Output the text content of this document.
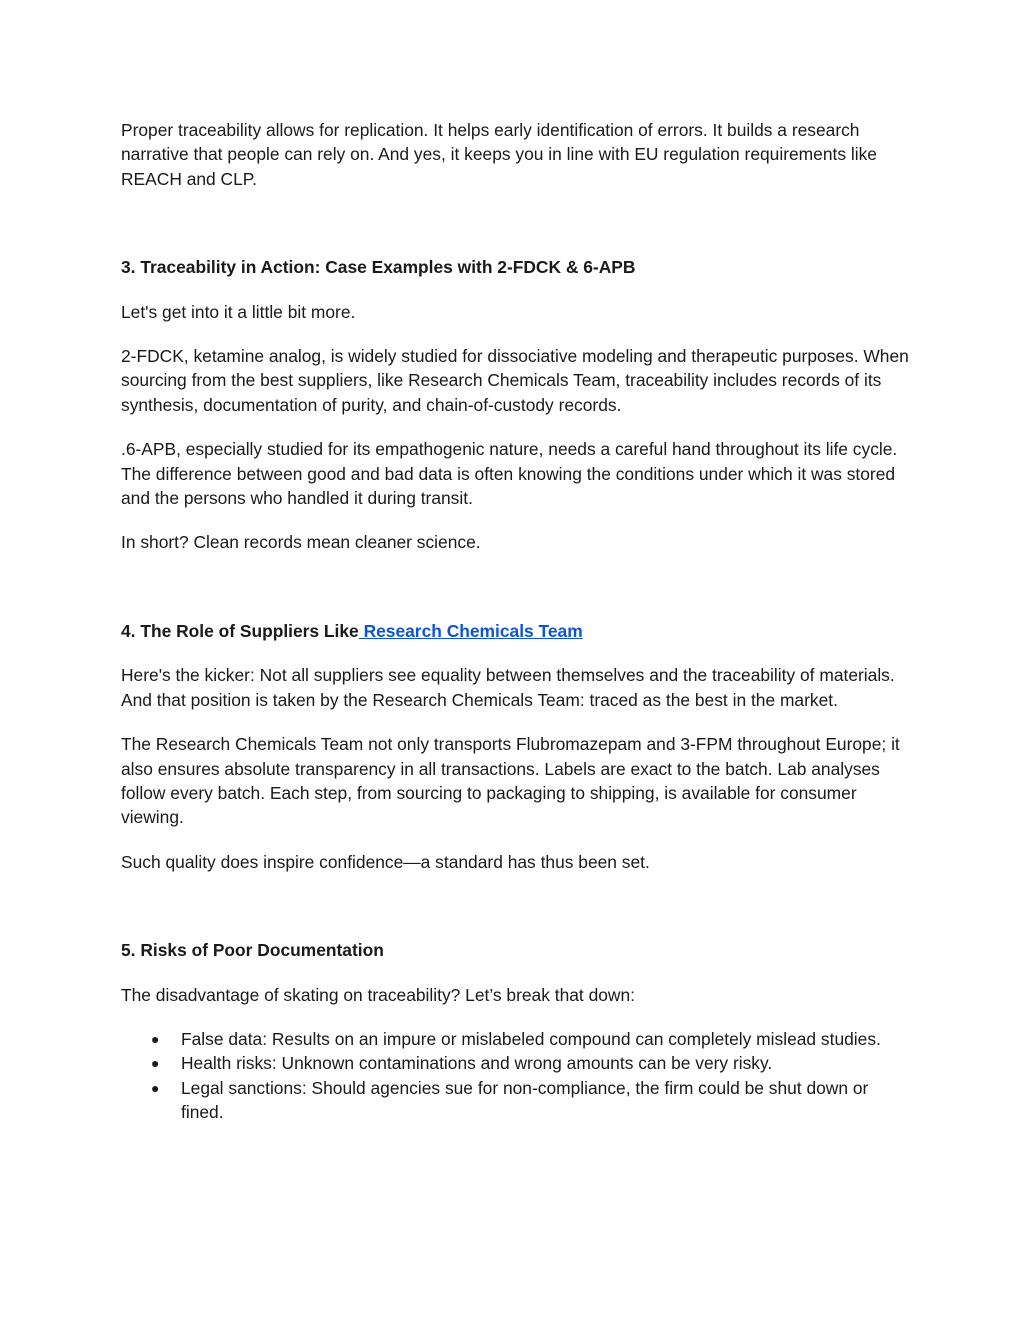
Proper traceability allows for replication. It helps early identification of errors. It builds a research narrative that people can rely on. And yes, it keeps you in line with EU regulation requirements like REACH and CLP.

3. Traceability in Action: Case Examples with 2-FDCK & 6-APB

Let's get into it a little bit more.

2-FDCK, ketamine analog, is widely studied for dissociative modeling and therapeutic purposes. When sourcing from the best suppliers, like Research Chemicals Team, traceability includes records of its synthesis, documentation of purity, and chain-of-custody records.

.6-APB, especially studied for its empathogenic nature, needs a careful hand throughout its life cycle. The difference between good and bad data is often knowing the conditions under which it was stored and the persons who handled it during transit.

In short? Clean records mean cleaner science.

4. The Role of Suppliers Like Research Chemicals Team

Here's the kicker: Not all suppliers see equality between themselves and the traceability of materials. And that position is taken by the Research Chemicals Team: traced as the best in the market.

The Research Chemicals Team not only transports Flubromazepam and 3-FPM throughout Europe; it also ensures absolute transparency in all transactions. Labels are exact to the batch. Lab analyses follow every batch. Each step, from sourcing to packaging to shipping, is available for consumer viewing.

Such quality does inspire confidence—a standard has thus been set.

5. Risks of Poor Documentation

The disadvantage of skating on traceability? Let’s break that down:

● False data: Results on an impure or mislabeled compound can completely mislead studies.
● Health risks: Unknown contaminations and wrong amounts can be very risky.
● Legal sanctions: Should agencies sue for non-compliance, the firm could be shut down or fined.
